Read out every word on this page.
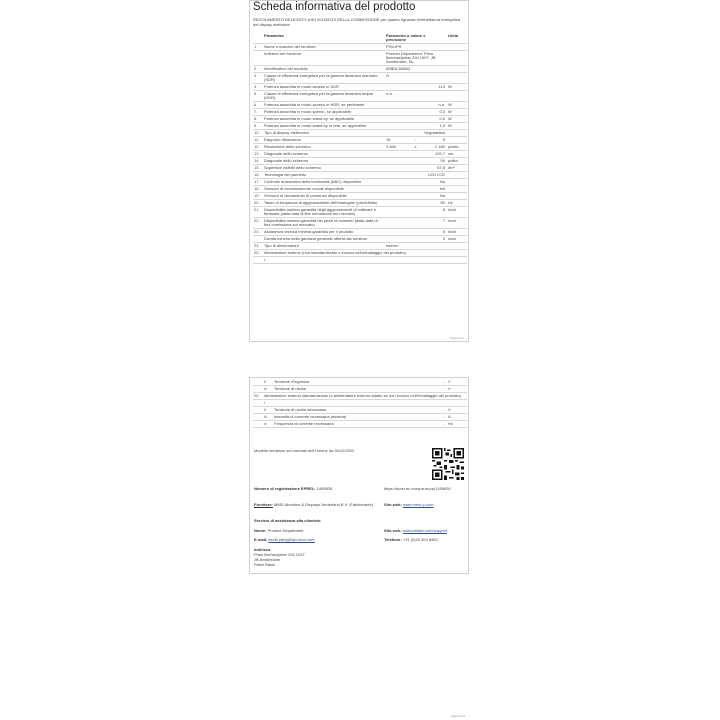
Scheda informativa del prodotto
REGOLAMENTO DELEGATO (UE) 2019/2013 DELLA COMMISSIONE per quanto riguarda l'etichettatura energetica dei display elettronici
	Parametro	Parametro o valore e precisione	Unità
1.	Nome o marchio del fornitore.	PHILIPS	
	Indirizzo del fornitore.	Product Department, Prins Bernhardplein 200 1097, JB Amsterdam, NL	
2.	Identificativo del modello	50BDL3650Q	
3.	Classe di efficienza energetica per la gamma dinamica standard (SDR)	G	
4.	Potenza assorbita in modo acceso in SDR	115	W
5.	Classe di efficienza energetica per la gamma dinamica ampia (HDR)	n.a.	
6.	Potenza assorbita in modo acceso in HDR, se pertinente	n.a.	W
7.	Potenza assorbita in modo spento, se applicabile	0,3	W
8.	Potenza assorbita in modo stand-by, se applicabile	0,5	W
9.	Potenza assorbita in modo stand-by in rete, se applicabile	1,9	W
10.	Tipo di display elettronico	Segnaletica	
11.	Rapporto dimensioni	16 : 9	

12.	Risoluzione dello schermo	3 840 x 2 160	pixels
13.	Diagonale dello schermo	125,7	cm
14.	Diagonale dello schermo	50	pollici
15.	Superficie visibile dello schermo	67,6	dm²
16.	Tecnologia del pannello	LED LCD	
17.	Controllo automatico della luminosità (ABC) disponibile	No	
18.	Sensore di riconoscimento vocale disponibile	No	
19.	Sensore di rilevamento di presenza disponibile	No	
20.	Tasso di frequenza di aggiornamento dell'immagine (predefinito)	60	Hz
21.	Disponibilità minima garantita degli aggiornamenti di software e firmware (dalla data di fine immissione sul mercato)	8	Anni
22.	Disponibilità minima garantita dei pezzi di ricambio (dalla data di fine immissione sul mercato)	7	Anni
23.	Assistenza tecnica minima garantita per il prodotto	8	Anni
	Durata minima della garanzia generale offerta dal fornitore	3	Anni
24.	Tipo di alimentatore	Interno	
25.	Alimentatore esterno (non standardizzato o incluso nell'imballaggio del prodotto)		
	i -		
Pagina 1/2
	ii	Tensione d'ingresso	-	V
	iii	Tensione di uscita	-	V
26.	Alimentatore esterno standardizzato (o alimentatore esterno adatto se non incluso nell'imballaggio del prodotto)			
	i			
	ii	Tensione di uscita necessaria	-	V
	iii	Intensità di corrente necessaria (minima)	-	A
	iv	Frequenza di corrente necessaria	-	Hz
Modello immesso sul mercato dell'Unione da 30/12/2022
Numero di registrazione EPREL: 1459830	https://eprel.ec.europa.eu/qr/1459830
Fornitore: MMD-Monitors & Displays Nederland B.V. (Fabbricante)	Sito web: www.mmd-p.com
Servizio di assistenza alla clientele:
Nome: Product Department	Sito web: www.philips.com/support
E-mail: kevin.yang@tpv-tech.com	Telefono: +31 (0)20 504 6962
Indirizzo:
Prins Borhardplein 200 1097
JB Amsterdam
Paesi Bassi
Pagina 2/2
